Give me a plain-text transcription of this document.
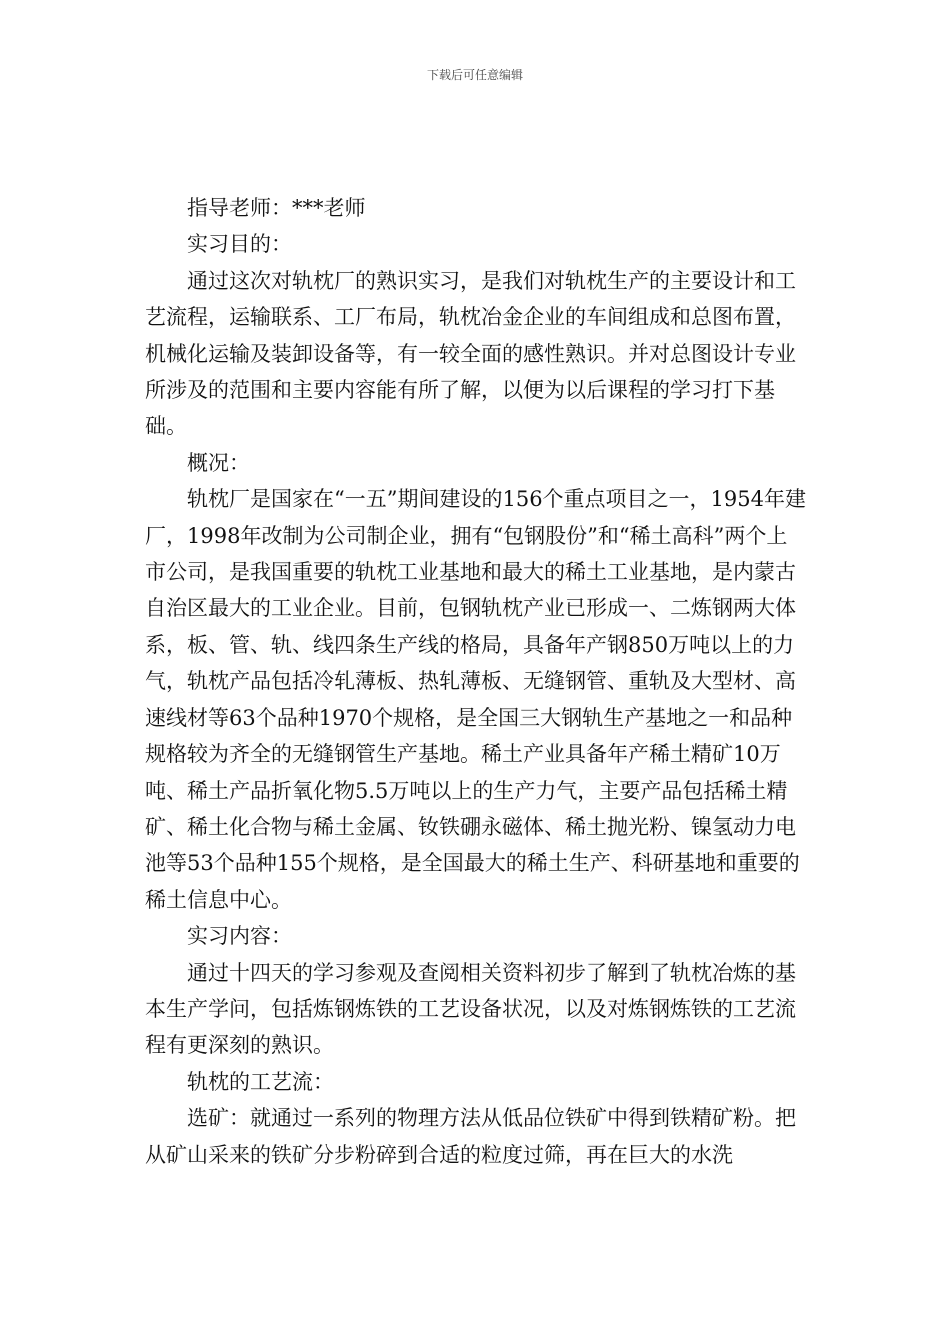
下载后可任意编辑

指导老师：***老师

实习目的：

通过这次对轨枕厂的熟识实习，是我们对轨枕生产的主要设计和工艺流程，运输联系、工厂布局，轨枕冶金企业的车间组成和总图布置，机械化运输及装卸设备等，有一较全面的感性熟识。并对总图设计专业所涉及的范围和主要内容能有所了解，以便为以后课程的学习打下基础。

概况：

轨枕厂是国家在“一五”期间建设的156个重点项目之一，1954年建厂，1998年改制为公司制企业，拥有“包钢股份”和“稀土高科”两个上市公司，是我国重要的轨枕工业基地和最大的稀土工业基地，是内蒙古自治区最大的工业企业。目前，包钢轨枕产业已形成一、二炼钢两大体系，板、管、轨、线四条生产线的格局，具备年产钢850万吨以上的力气，轨枕产品包括冷轧薄板、热轧薄板、无缝钢管、重轨及大型材、高速线材等63个品种1970个规格，是全国三大钢轨生产基地之一和品种规格较为齐全的无缝钢管生产基地。稀土产业具备年产稀土精矿10万吨、稀土产品折氧化物5.5万吨以上的生产力气，主要产品包括稀土精矿、稀土化合物与稀土金属、钕铁硼永磁体、稀土抛光粉、镍氢动力电池等53个品种155个规格，是全国最大的稀土生产、科研基地和重要的稀土信息中心。

实习内容：

通过十四天的学习参观及查阅相关资料初步了解到了轨枕冶炼的基本生产学问，包括炼钢炼铁的工艺设备状况，以及对炼钢炼铁的工艺流程有更深刻的熟识。

轨枕的工艺流：

选矿：就通过一系列的物理方法从低品位铁矿中得到铁精矿粉。把从矿山采来的铁矿分步粉碎到合适的粒度过筛，再在巨大的水洗
